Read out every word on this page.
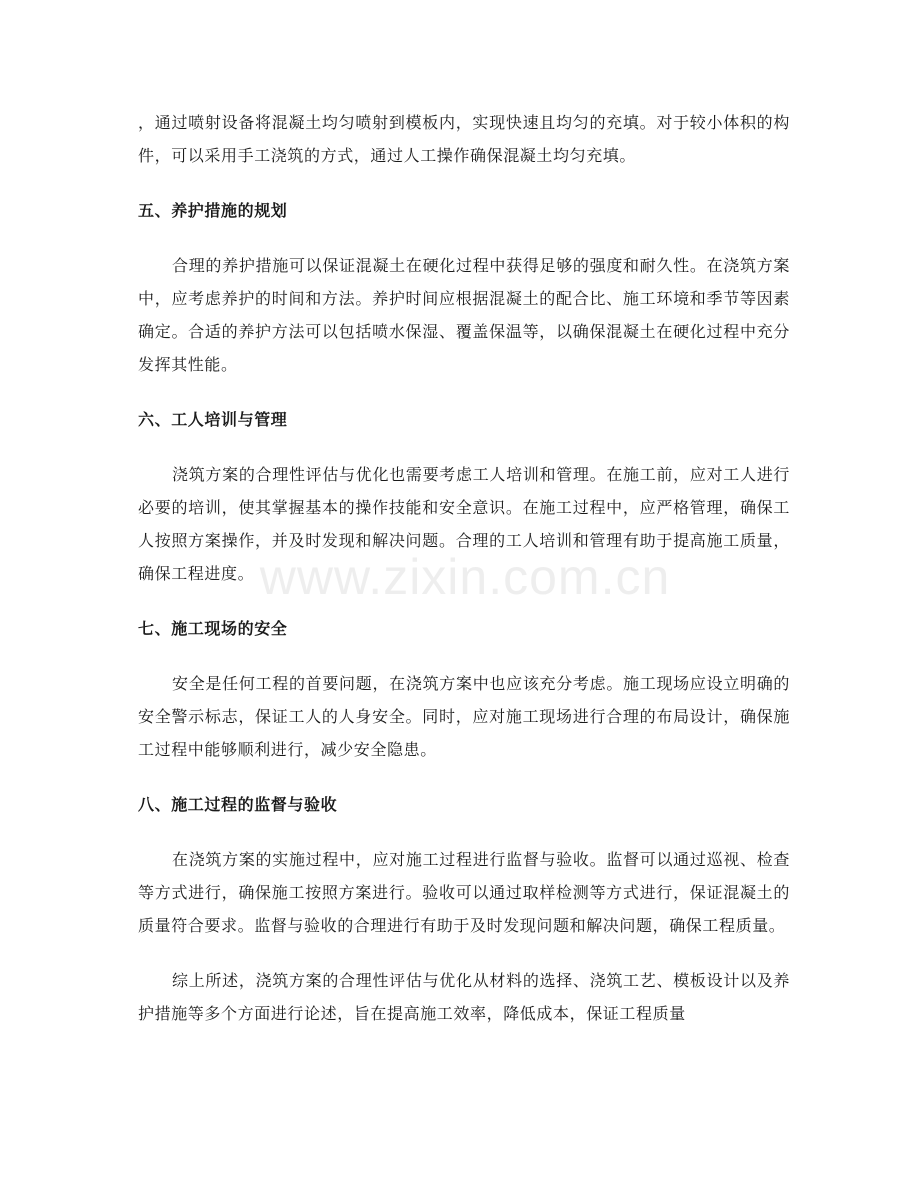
，通过喷射设备将混凝土均匀喷射到模板内，实现快速且均匀的充填。对于较小体积的构件，可以采用手工浇筑的方式，通过人工操作确保混凝土均匀充填。

五、养护措施的规划

合理的养护措施可以保证混凝土在硬化过程中获得足够的强度和耐久性。在浇筑方案中，应考虑养护的时间和方法。养护时间应根据混凝土的配合比、施工环境和季节等因素确定。合适的养护方法可以包括喷水保湿、覆盖保温等，以确保混凝土在硬化过程中充分发挥其性能。

六、工人培训与管理

浇筑方案的合理性评估与优化也需要考虑工人培训和管理。在施工前，应对工人进行必要的培训，使其掌握基本的操作技能和安全意识。在施工过程中，应严格管理，确保工人按照方案操作，并及时发现和解决问题。合理的工人培训和管理有助于提高施工质量，确保工程进度。

七、施工现场的安全

安全是任何工程的首要问题，在浇筑方案中也应该充分考虑。施工现场应设立明确的安全警示标志，保证工人的人身安全。同时，应对施工现场进行合理的布局设计，确保施工过程中能够顺利进行，减少安全隐患。

八、施工过程的监督与验收

在浇筑方案的实施过程中，应对施工过程进行监督与验收。监督可以通过巡视、检查等方式进行，确保施工按照方案进行。验收可以通过取样检测等方式进行，保证混凝土的质量符合要求。监督与验收的合理进行有助于及时发现问题和解决问题，确保工程质量。

综上所述，浇筑方案的合理性评估与优化从材料的选择、浇筑工艺、模板设计以及养护措施等多个方面进行论述，旨在提高施工效率，降低成本，保证工程质量

www.zixin.com.cn
